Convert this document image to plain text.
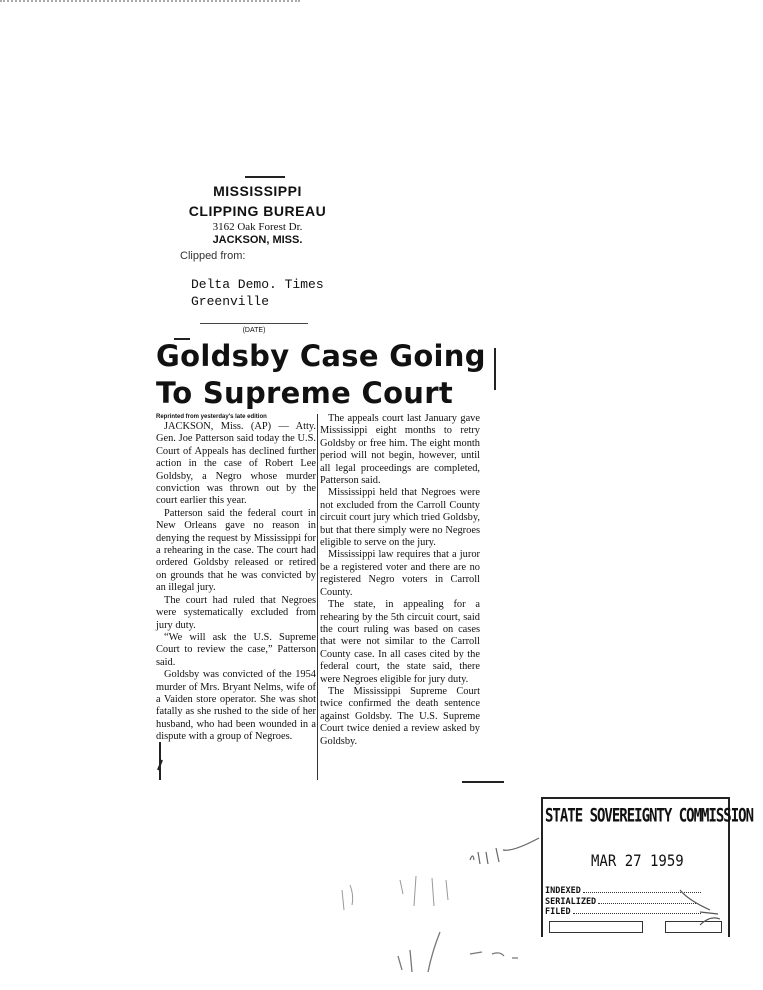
MISSISSIPPI
CLIPPING BUREAU
3162 Oak Forest Dr.
JACKSON, MISS.
Clipped from:
Delta Demo. Times
Greenville
(DATE)
Goldsby Case Going
To Supreme Court
Reprinted from yesterday's late edition

JACKSON, Miss. (AP) — Atty. Gen. Joe Patterson said today the U.S. Court of Appeals has declined further action in the case of Robert Lee Goldsby, a Negro whose murder conviction was thrown out by the court earlier this year.

Patterson said the federal court in New Orleans gave no reason in denying the request by Mississippi for a rehearing in the case. The court had ordered Goldsby released or retired on grounds that he was convicted by an illegal jury.

The court had ruled that Negroes were systematically excluded from jury duty.

“We will ask the U.S. Supreme Court to review the case,” Patterson said.

Goldsby was convicted of the 1954 murder of Mrs. Bryant Nelms, wife of a Vaiden store operator. She was shot fatally as she rushed to the side of her husband, who had been wounded in a dispute with a group of Negroes.

The appeals court last January gave Mississippi eight months to retry Goldsby or free him. The eight month period will not begin, however, until all legal proceedings are completed, Patterson said.

Mississippi held that Negroes were not excluded from the Carroll County circuit court jury which tried Goldsby, but that there simply were no Negroes eligible to serve on the jury.

Mississippi law requires that a juror be a registered voter and there are no registered Negro voters in Carroll County.

The state, in appealing for a rehearing by the 5th circuit court, said the court ruling was based on cases that were not similar to the Carroll County case. In all cases cited by the federal court, the state said, there were Negroes eligible for jury duty.

The Mississippi Supreme Court twice confirmed the death sentence against Goldsby. The U.S. Supreme Court twice denied a review asked by Goldsby.

STATE SOVEREIGNTY COMMISSION
MAR 27 1959
INDEXED
SERIALIZED
FILED
